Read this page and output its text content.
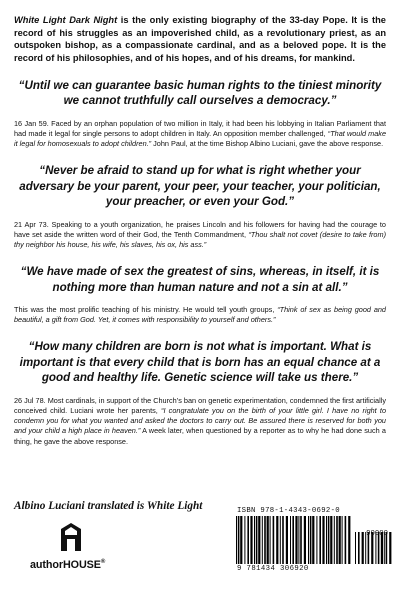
White Light Dark Night is the only existing biography of the 33-day Pope. It is the record of his struggles as an impoverished child, as a revolutionary priest, as an outspoken bishop, as a compassionate cardinal, and as a beloved pope. It is the record of his philosophies, and of his hopes, and of his dreams, for mankind.

“Until we can guarantee basic human rights to the tiniest minority we cannot truthfully call ourselves a democracy.”

16 Jan 59. Faced by an orphan population of two million in Italy, it had been his lobbying in Italian Parliament that had made it legal for single persons to adopt children in Italy. An opposition member challenged, “That would make it legal for homosexuals to adopt children.” John Paul, at the time Bishop Albino Luciani, gave the above response.

“Never be afraid to stand up for what is right whether your adversary be your parent, your peer, your teacher, your politician, your preacher, or even your God.”

21 Apr 73. Speaking to a youth organization, he praises Lincoln and his followers for having had the courage to have set aside the written word of their God, the Tenth Commandment, “Thou shalt not covet (desire to take from) thy neighbor his house, his wife, his slaves, his ox, his ass.”

“We have made of sex the greatest of sins, whereas, in itself, it is nothing more than human nature and not a sin at all.”

This was the most prolific teaching of his ministry. He would tell youth groups, “Think of sex as being good and beautiful, a gift from God. Yet, it comes with responsibility to yourself and others.”

“How many children are born is not what is important. What is important is that every child that is born has an equal chance at a good and healthy life. Genetic science will take us there.”

26 Jul 78. Most cardinals, in support of the Church’s ban on genetic experimentation, condemned the first artificially conceived child. Luciani wrote her parents, “I congratulate you on the birth of your little girl. I have no right to condemn you for what you wanted and asked the doctors to carry out. Be assured there is reserved for both you and your child a high place in heaven.” A week later, when questioned by a reporter as to why he had done such a thing, he gave the above response.

Albino Luciani translated is White Light

authorHOUSE®
ISBN 978-1-4343-0692-0
90000
9 781434 306920
